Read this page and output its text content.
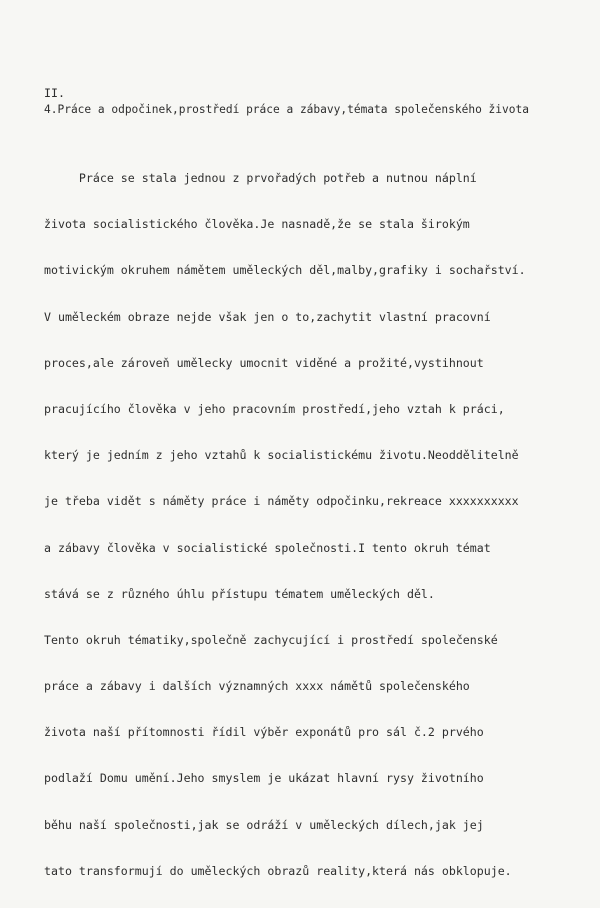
II.
4.Práce a odpočinek,prostředí práce a zábavy,témata společenského života

Práce se stala jednou z prvořadých potřeb a nutnou náplní

života socialistického člověka.Je nasnadě,že se stala širokým

motivickým okruhem námětem uměleckých děl,malby,grafiky i sochařství.

V uměleckém obraze nejde však jen o to,zachytit vlastní pracovní

proces,ale zároveň umělecky umocnit viděné a prožité,vystihnout

pracujícího člověka v jeho pracovním prostředí,jeho vztah k práci,

který je jedním z jeho vztahů k socialistickému životu.Neoddělitelně

je třeba vidět s náměty práce i náměty odpočinku,rekreace xxxxxxxxxx

a zábavy člověka v socialistické společnosti.I tento okruh témat

stává se z různého úhlu přístupu tématem uměleckých děl.

Tento okruh tématiky,společně zachycující i prostředí společenské

práce a zábavy i dalších významných xxxx námětů společenského

života naší přítomnosti řídil výběr exponátů pro sál č.2 prvého

podlaží Domu umění.Jeho smyslem je ukázat hlavní rysy životního

běhu naší společnosti,jak se odráží v uměleckých dílech,jak jej

tato transformují do uměleckých obrazů reality,která nás obklopuje.
